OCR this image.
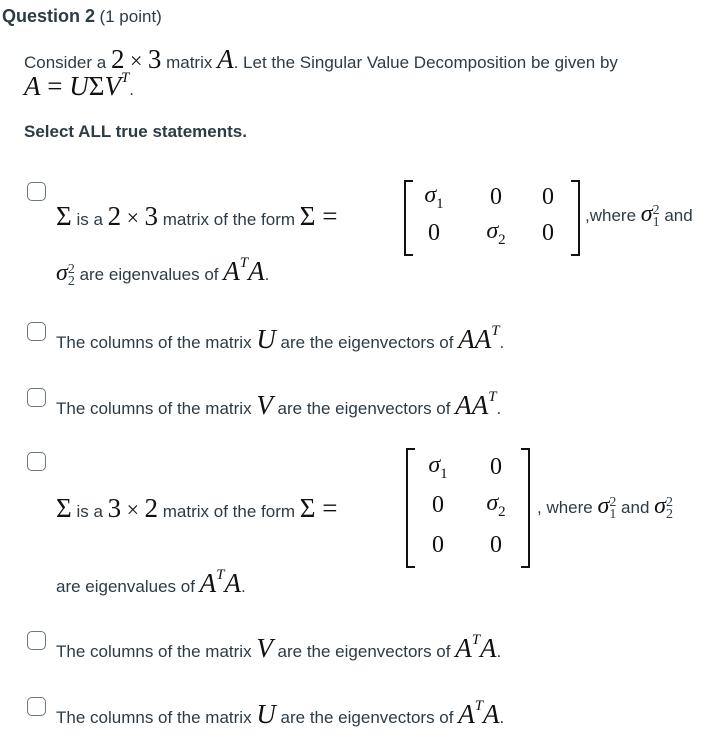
Question 2 (1 point)
Consider a 2 × 3 matrix A. Let the Singular Value Decomposition be given by
A = UΣVT.
Select ALL true statements.
Σ is a 2 × 3 matrix of the form Σ =
$\sigma_1$	0	0
0	$\sigma_2$	0
,where σ2
1 and
σ2
2 are eigenvalues of ATA.
The columns of the matrix U are the eigenvectors of AAT.
The columns of the matrix V are the eigenvectors of AAT.
Σ is a 3 × 2 matrix of the form Σ =
$\sigma_1$	0
0	$\sigma_2$
0	0
, where σ2
1 and σ2
2
are eigenvalues of ATA.
The columns of the matrix V are the eigenvectors of ATA.
The columns of the matrix U are the eigenvectors of ATA.
